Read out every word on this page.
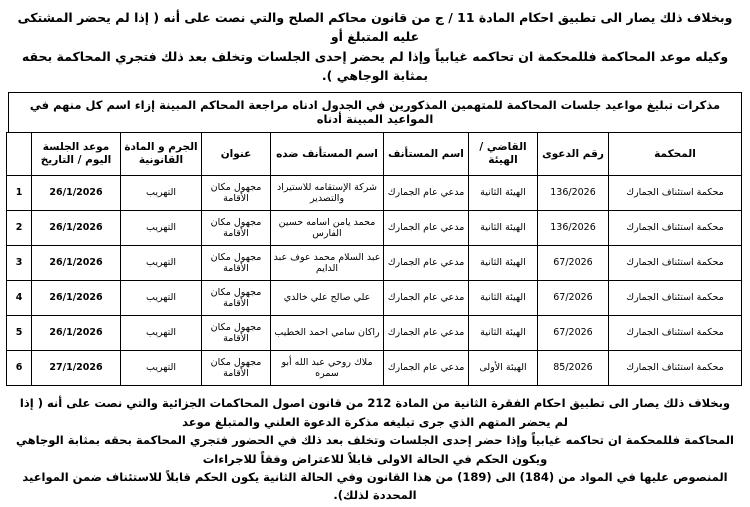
وبخلاف ذلك يصار الى تطبيق احكام المادة 11 / ج من قانون محاكم الصلح والتي نصت على أنه ( إذا لم يحضر المشتكى عليه المتبلغ أو
وكيله موعد المحاكمة فللمحكمة ان تحاكمه غيابياً وإذا لم يحضر إحدى الجلسات وتخلف بعد ذلك فتجري المحاكمة بحقه بمثابة الوجاهي ).
مذكرات تبليغ مواعيد جلسات المحاكمة للمتهمين المذكورين في الجدول ادناه مراجعة المحاكم المبينة إزاء اسم كل منهم في المواعيد المبينة أدناه
المحكمة	رقم الدعوى	القاضي / الهيئة	اسم المستأنف	اسم المستأنف ضده	عنوان	الجرم و المادة القانونية	موعد الجلسة اليوم / التاريخ	
محكمة استئناف الجمارك	136/2026	الهيئة الثانية	مدعي عام الجمارك	شركة الإستقامه للاستيراد والتصدير	مجهول مكان الأقامة	التهريب	26/1/2026	1
محكمة استئناف الجمارك	136/2026	الهيئة الثانية	مدعي عام الجمارك	محمد يامن اسامه حسين الفارس	مجهول مكان الأقامة	التهريب	26/1/2026	2
محكمة استئناف الجمارك	67/2026	الهيئة الثانية	مدعي عام الجمارك	عبد السلام محمد عوف عبد الدايم	مجهول مكان الأقامة	التهريب	26/1/2026	3
محكمة استئناف الجمارك	67/2026	الهيئة الثانية	مدعي عام الجمارك	علي صالح علي خالدي	مجهول مكان الأقامة	التهريب	26/1/2026	4
محكمة استئناف الجمارك	67/2026	الهيئة الثانية	مدعي عام الجمارك	راكان سامي احمد الخطيب	مجهول مكان الأقامة	التهريب	26/1/2026	5
محكمة استئناف الجمارك	85/2026	الهيئة الأولى	مدعي عام الجمارك	ملاك روحي عبد الله أبو سمره	مجهول مكان الأقامة	التهريب	27/1/2026	6
وبخلاف ذلك يصار الى تطبيق احكام الفقرة الثانية من المادة 212 من قانون اصول المحاكمات الجزائية والتي نصت على أنه ( إذا لم يحضر المتهم الذي جرى تبليغه مذكرة الدعوة العلني والمتبلغ موعد
المحاكمة فللمحكمة ان تحاكمه غيابياً وإذا حضر إحدى الجلسات وتخلف بعد ذلك في الحضور فتجري المحاكمة بحقه بمثابة الوجاهي ويكون الحكم في الحالة الاولى قابلاً للاعتراض وفقاً للاجراءات
المنصوص عليها في المواد من (184) الى (189) من هذا القانون وفي الحالة الثانية يكون الحكم قابلاً للاستئناف ضمن المواعيد المحددة لذلك).
